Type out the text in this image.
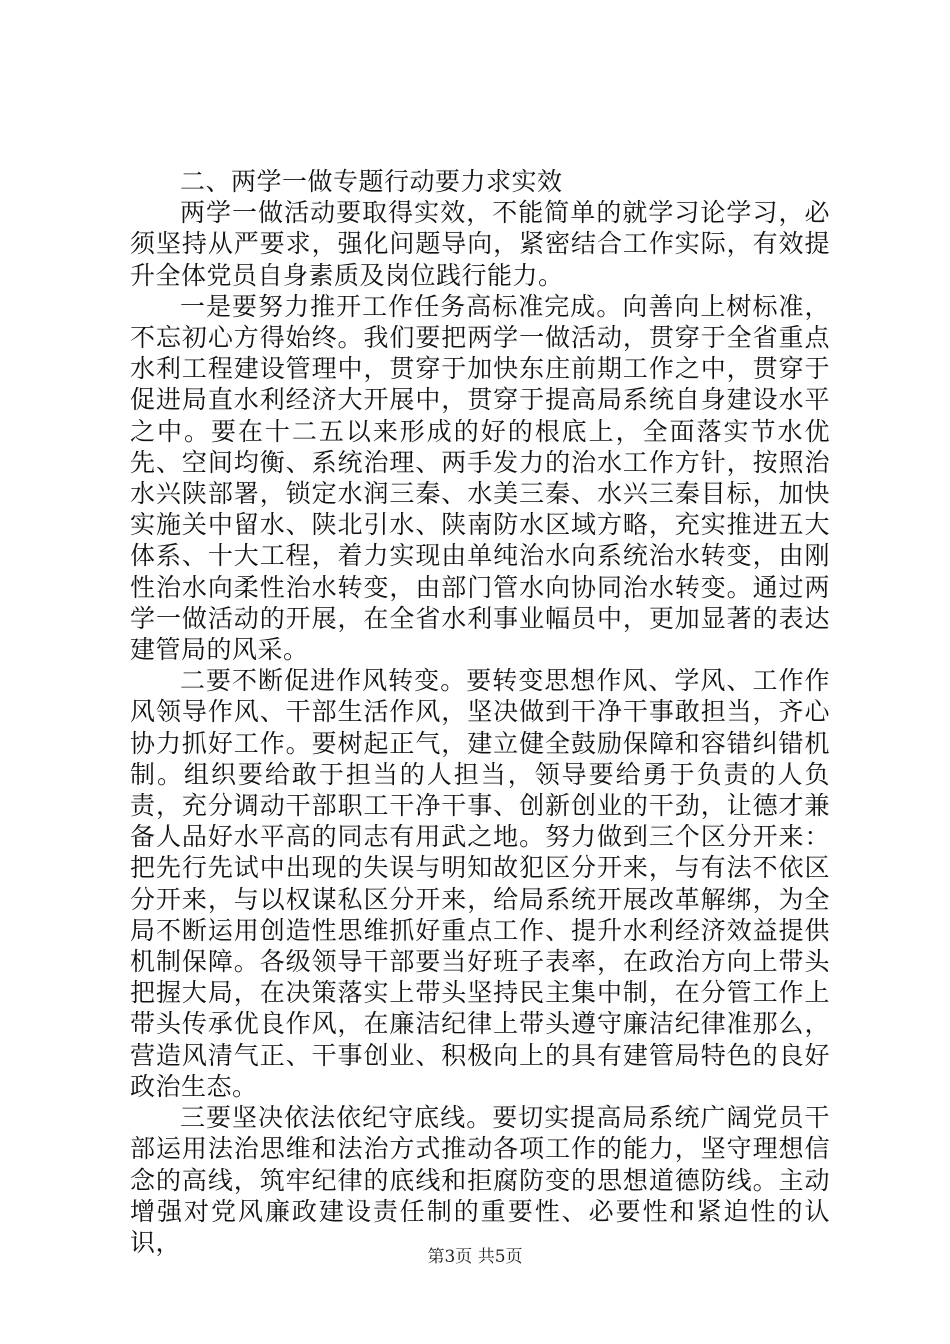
二、两学一做专题行动要力求实效

两学一做活动要取得实效，不能简单的就学习论学习，必须坚持从严要求，强化问题导向，紧密结合工作实际，有效提升全体党员自身素质及岗位践行能力。

一是要努力推开工作任务高标准完成。向善向上树标准，不忘初心方得始终。我们要把两学一做活动，贯穿于全省重点水利工程建设管理中，贯穿于加快东庄前期工作之中，贯穿于促进局直水利经济大开展中，贯穿于提高局系统自身建设水平之中。要在十二五以来形成的好的根底上，全面落实节水优先、空间均衡、系统治理、两手发力的治水工作方针，按照治水兴陕部署，锁定水润三秦、水美三秦、水兴三秦目标，加快实施关中留水、陕北引水、陕南防水区域方略，充实推进五大体系、十大工程，着力实现由单纯治水向系统治水转变，由刚性治水向柔性治水转变，由部门管水向协同治水转变。通过两学一做活动的开展，在全省水利事业幅员中，更加显著的表达建管局的风采。

二要不断促进作风转变。要转变思想作风、学风、工作作风领导作风、干部生活作风，坚决做到干净干事敢担当，齐心协力抓好工作。要树起正气，建立健全鼓励保障和容错纠错机制。组织要给敢于担当的人担当，领导要给勇于负责的人负责，充分调动干部职工干净干事、创新创业的干劲，让德才兼备人品好水平高的同志有用武之地。努力做到三个区分开来：把先行先试中出现的失误与明知故犯区分开来，与有法不依区分开来，与以权谋私区分开来，给局系统开展改革解绑，为全局不断运用创造性思维抓好重点工作、提升水利经济效益提供机制保障。各级领导干部要当好班子表率，在政治方向上带头把握大局，在决策落实上带头坚持民主集中制，在分管工作上带头传承优良作风，在廉洁纪律上带头遵守廉洁纪律准那么，营造风清气正、干事创业、积极向上的具有建管局特色的良好政治生态。

三要坚决依法依纪守底线。要切实提高局系统广阔党员干部运用法治思维和法治方式推动各项工作的能力，坚守理想信念的高线，筑牢纪律的底线和拒腐防变的思想道德防线。主动增强对党风廉政建设责任制的重要性、必要性和紧迫性的认识，

第3页 共5页
